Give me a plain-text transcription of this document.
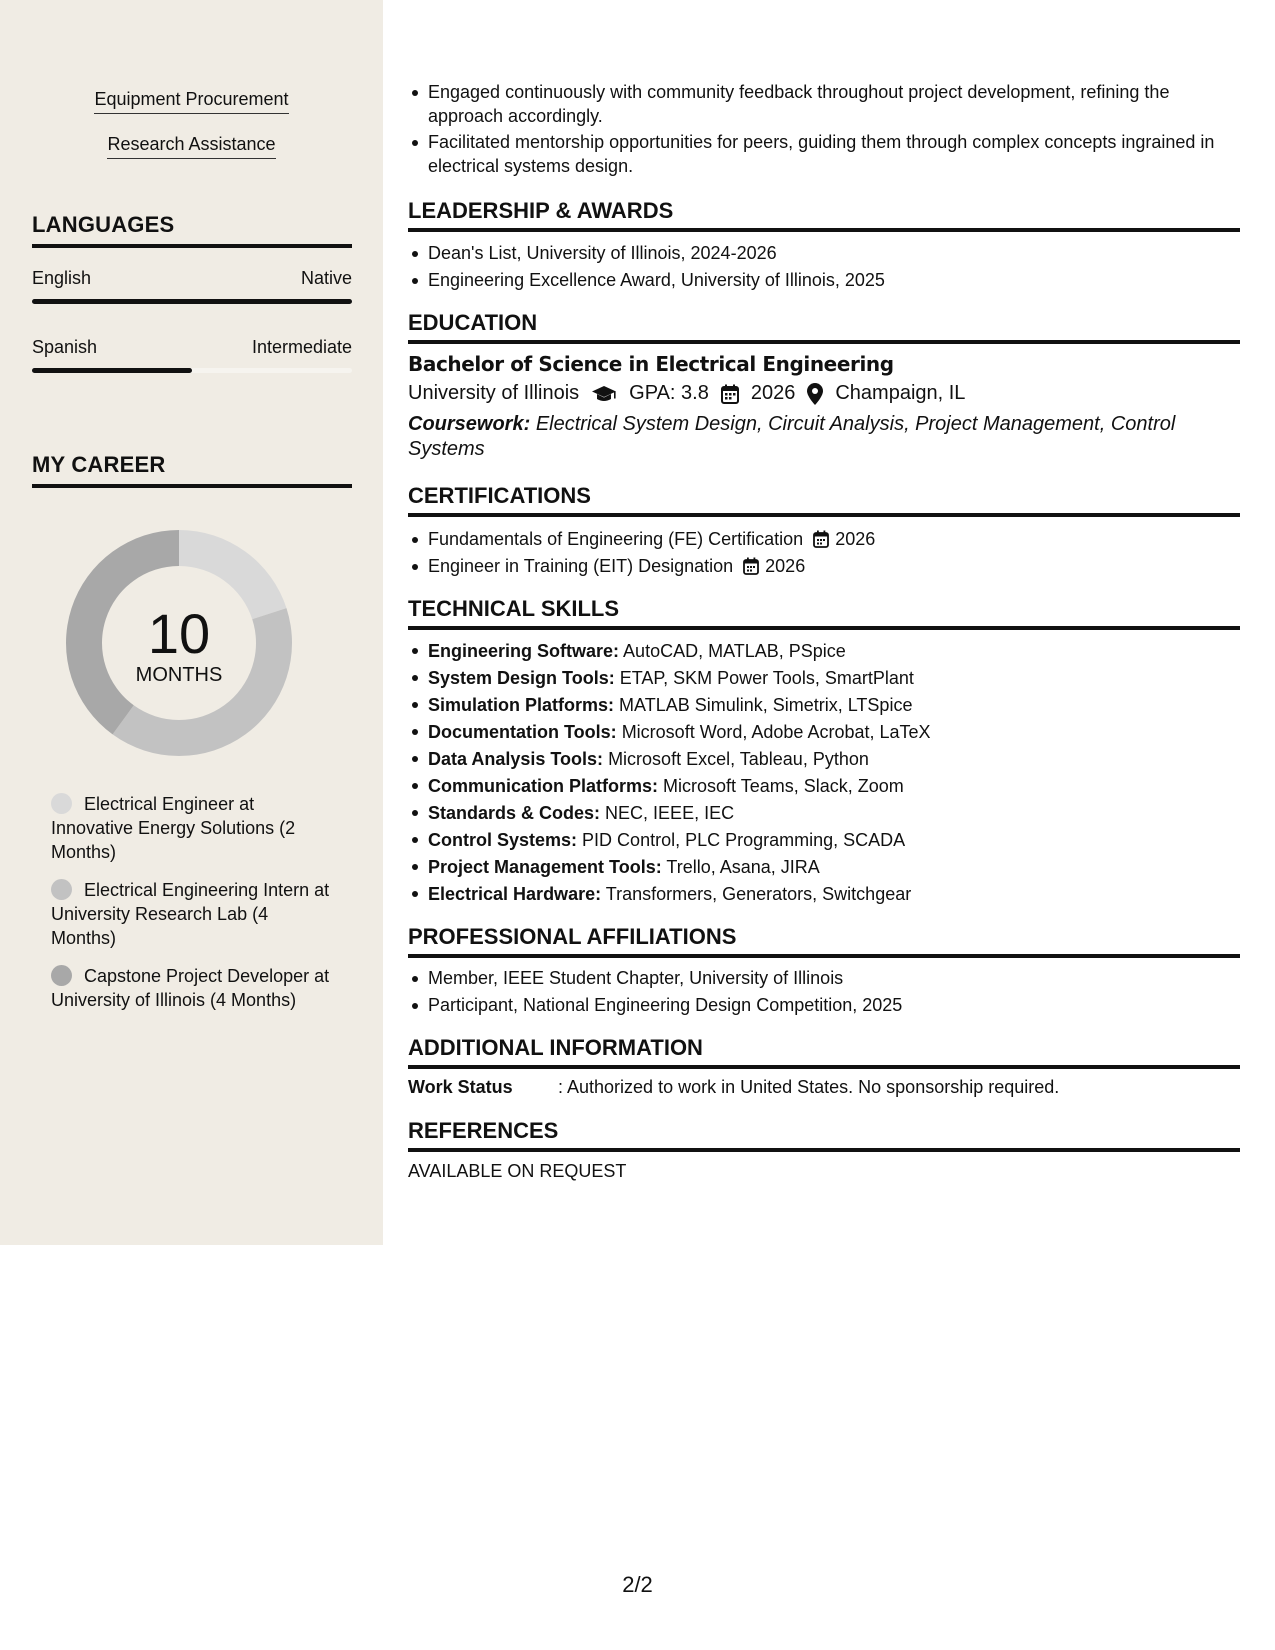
Equipment Procurement
Research Assistance
LANGUAGES
English	Native
Spanish	Intermediate
MY CAREER
10
MONTHS
Electrical Engineer at Innovative Energy Solutions (2 Months)
Electrical Engineering Intern at University Research Lab (4 Months)
Capstone Project Developer at University of Illinois (4 Months)
Engaged continuously with community feedback throughout project development, refining the approach accordingly.
Facilitated mentorship opportunities for peers, guiding them through complex concepts ingrained in electrical systems design.
LEADERSHIP & AWARDS
Dean's List, University of Illinois, 2024-2026
Engineering Excellence Award, University of Illinois, 2025
EDUCATION
Bachelor of Science in Electrical Engineering
University of Illinois	GPA: 3.8 2026 Champaign, IL
Coursework: Electrical System Design, Circuit Analysis, Project Management, Control Systems
CERTIFICATIONS
Fundamentals of Engineering (FE) Certification 2026
Engineer in Training (EIT) Designation 2026
TECHNICAL SKILLS
Engineering Software: AutoCAD, MATLAB, PSpice
System Design Tools: ETAP, SKM Power Tools, SmartPlant
Simulation Platforms: MATLAB Simulink, Simetrix, LTSpice
Documentation Tools: Microsoft Word, Adobe Acrobat, LaTeX
Data Analysis Tools: Microsoft Excel, Tableau, Python
Communication Platforms: Microsoft Teams, Slack, Zoom
Standards & Codes: NEC, IEEE, IEC
Control Systems: PID Control, PLC Programming, SCADA
Project Management Tools: Trello, Asana, JIRA
Electrical Hardware: Transformers, Generators, Switchgear
PROFESSIONAL AFFILIATIONS
Member, IEEE Student Chapter, University of Illinois
Participant, National Engineering Design Competition, 2025
ADDITIONAL INFORMATION
Work Status	: Authorized to work in United States. No sponsorship required.
REFERENCES
AVAILABLE ON REQUEST
2/2
